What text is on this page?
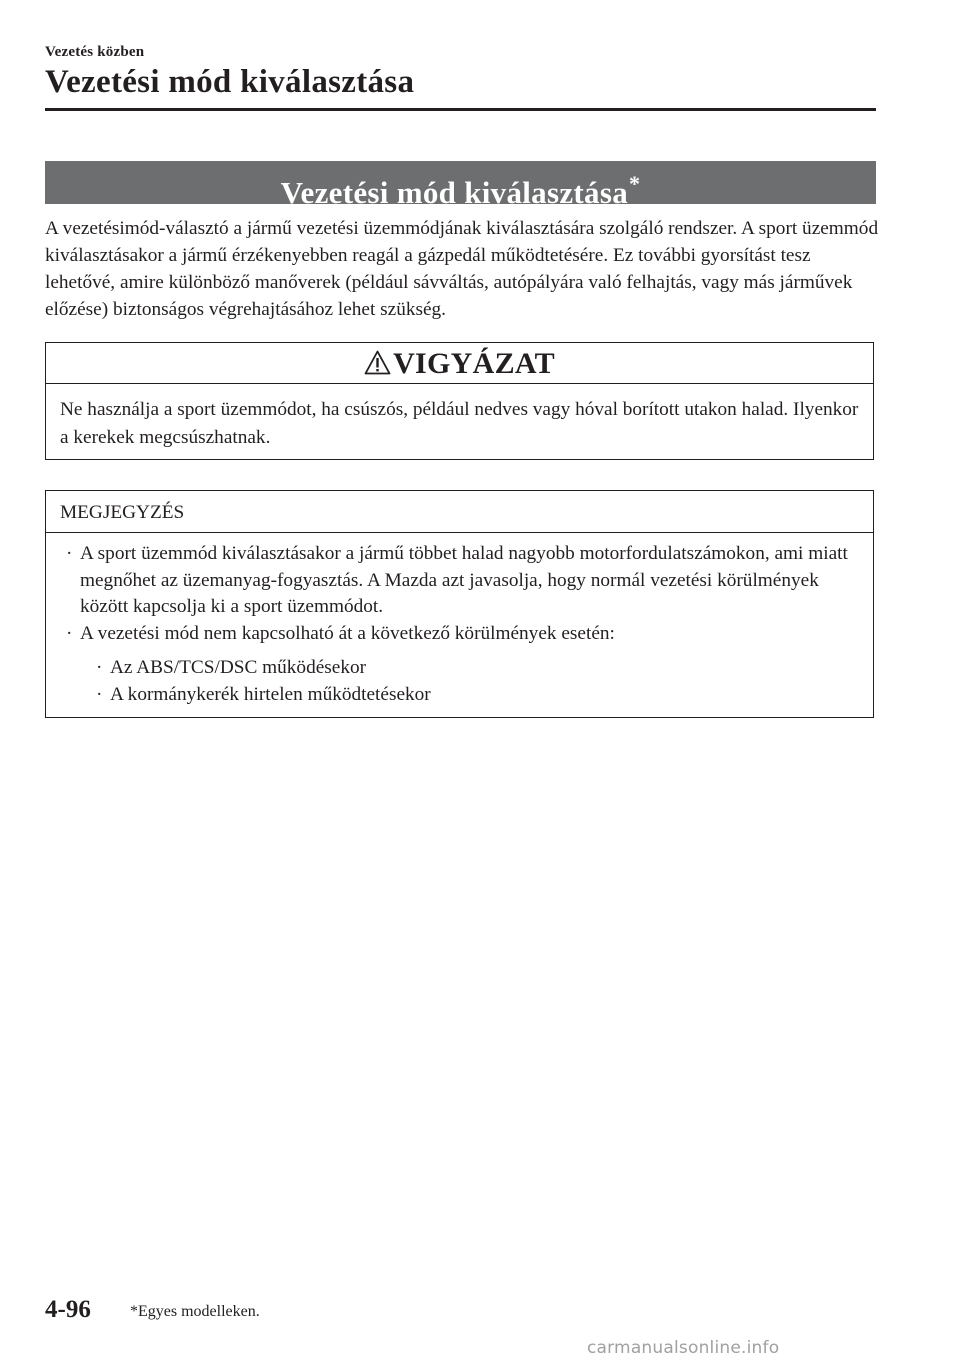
Vezetés közben
Vezetési mód kiválasztása
Vezetési mód kiválasztása*

A vezetésimód-választó a jármű vezetési üzemmódjának kiválasztására szolgáló rendszer. A sport üzemmód kiválasztásakor a jármű érzékenyebben reagál a gázpedál működtetésére. Ez további gyorsítást tesz lehetővé, amire különböző manőverek (például sávváltás, autópályára való felhajtás, vagy más járművek előzése) biztonságos végrehajtásához lehet szükség.

VIGYÁZAT

Ne használja a sport üzemmódot, ha csúszós, például nedves vagy hóval borított utakon halad. Ilyenkor a kerekek megcsúszhatnak.

MEGJEGYZÉS
· A sport üzemmód kiválasztásakor a jármű többet halad nagyobb motorfordulatszámokon, ami miatt megnőhet az üzemanyag-fogyasztás. A Mazda azt javasolja, hogy normál vezetési körülmények között kapcsolja ki a sport üzemmódot.
· A vezetési mód nem kapcsolható át a következő körülmények esetén:
· Az ABS/TCS/DSC működésekor
· A kormánykerék hirtelen működtetésekor
4-96 *Egyes modelleken.
carmanualsonline.info
